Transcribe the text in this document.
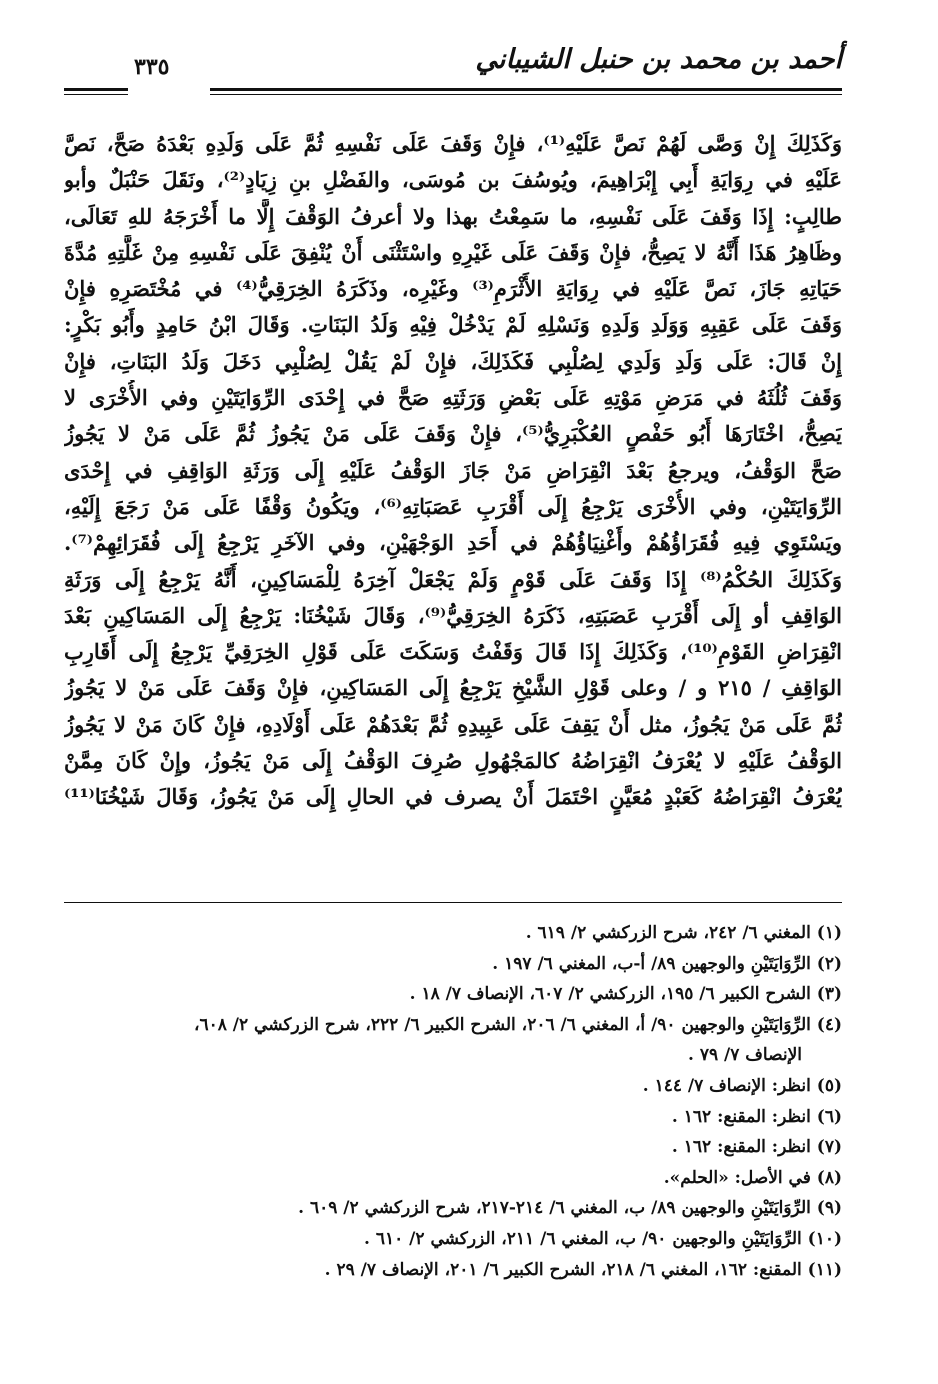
أحمد بن محمد بن حنبل الشيباني
٣٣٥
وَكَذَلِكَ إِنْ وَصَّى لَهُمْ نَصَّ عَلَيْهِ⁽¹⁾، فإِنْ وَقَفَ عَلَى نَفْسِهِ ثُمَّ عَلَى وَلَدِهِ بَعْدَهُ صَحَّ، نَصَّ
عَلَيْهِ في رِوَايَةِ أَبِي إِبْرَاهِيمَ، ويُوسُفَ بن مُوسَى، والفَضْلِ بنِ زِيَادٍ⁽²⁾، ونَقَلَ حَنْبَلٌ وأبو
طالِبٍ: إِذَا وَقَفَ عَلَى نَفْسِهِ، ما سَمِعْتُ بهذا ولا أعرفُ الوَقْفَ إِلَّا ما أَخْرَجَهُ للهِ تَعَالَى،
وظَاهِرُ هَذَا أَنَّهُ لا يَصِحُّ، فإِنْ وَقَفَ عَلَى غَيْرِهِ واسْتَثْنَى أَنْ يُنْفِقَ عَلَى نَفْسِهِ مِنْ غَلَّتِهِ مُدَّةَ
حَيَاتِهِ جَازَ، نَصَّ عَلَيْهِ في رِوَايَةِ الأَثْرَمِ⁽³⁾ وغَيْرِه، وذَكَرَهُ الخِرَقِيُّ⁽⁴⁾ في مُخْتَصَرِهِ فإِنْ
وَقَفَ عَلَى عَقِبِهِ وَوَلَدِ وَلَدِهِ وَنَسْلِهِ لَمْ يَدْخُلْ فِيْهِ وَلَدُ البَنَاتِ. وَقَالَ ابْنُ حَامِدٍ وأَبُو بَكْرٍ:
إِنْ قَالَ: عَلَى وَلَدِ وَلَدِي لِصُلْبِي فَكَذَلِكَ، فإِنْ لَمْ يَقُلْ لِصُلْبِي دَخَلَ وَلَدُ البَنَاتِ، فإِنْ
وَقَفَ ثُلُثَهُ في مَرَضِ مَوْتِهِ عَلَى بَعْضِ وَرَثَتِهِ صَحَّ في إِحْدَى الرِّوَايَتَيْنِ وفي الأُخْرَى لا
يَصِحُّ، اخْتَارَهَا أَبُو حَفْصٍ العُكْبَرِيُّ⁽⁵⁾، فإِنْ وَقَفَ عَلَى مَنْ يَجُوزُ ثُمَّ عَلَى مَنْ لا يَجُوزُ
صَحَّ الوَقْفُ، ويرجعُ بَعْدَ انْقِرَاضِ مَنْ جَازَ الوَقْفُ عَلَيْهِ إِلَى وَرَثَةِ الوَاقِفِ في إِحْدَى
الرِّوَايَتَيْنِ، وفي الأُخْرَى يَرْجِعُ إِلَى أَقْرَبِ عَصَبَاتِهِ⁽⁶⁾، ويَكُونُ وَقْفًا عَلَى مَنْ رَجَعَ إِلَيْهِ،
ويَسْتَوِي فِيهِ فُقَرَاؤُهُمْ وأَغْنِيَاؤُهُمْ في أَحَدِ الوَجْهَيْنِ، وفي الآخَرِ يَرْجِعُ إِلَى فُقَرَائِهِمْ⁽⁷⁾.
وَكَذَلِكَ الحُكْمُ⁽⁸⁾ إِذَا وَقَفَ عَلَى قَوْمٍ وَلَمْ يَجْعَلْ آخِرَهُ لِلْمَسَاكِينِ، أَنَّهُ يَرْجِعُ إِلَى وَرَثَةِ
الوَاقِفِ أو إِلَى أَقْرَبِ عَصَبَتِهِ، ذَكَرَهُ الخِرَقِيُّ⁽⁹⁾، وَقَالَ شَيْخُنَا: يَرْجِعُ إِلَى المَسَاكِينِ بَعْدَ
انْقِرَاضِ القَوْمِ⁽¹⁰⁾، وَكَذَلِكَ إِذَا قَالَ وَقَفْتُ وَسَكَتَ عَلَى قَوْلِ الخِرَقِيِّ يَرْجِعُ إِلَى أَقَارِبِ
الوَاقِفِ / ٢١٥ و / وعلى قَوْلِ الشَّيْخِ يَرْجِعُ إِلَى المَسَاكِينِ، فإِنْ وَقَفَ عَلَى مَنْ لا يَجُوزُ
ثُمَّ عَلَى مَنْ يَجُوزُ، مثل أَنْ يَقِفَ عَلَى عَبِيدِهِ ثُمَّ بَعْدَهُمْ عَلَى أَوْلَادِهِ، فإِنْ كَانَ مَنْ لا يَجُوزُ
الوَقْفُ عَلَيْهِ لا يُعْرَفُ انْقِرَاضُهُ كالمَجْهُولِ صُرِفَ الوَقْفُ إِلَى مَنْ يَجُوزُ، وإِنْ كَانَ مِمَّنْ
يُعْرَفُ انْقِرَاضُهُ كَعَبْدٍ مُعَيَّنٍ احْتَمَلَ أَنْ يصرف في الحالِ إِلَى مَنْ يَجُوزُ، وَقَالَ شَيْخُنَا⁽¹¹⁾
(١) المغني ٦/ ٢٤٢، شرح الزركشي ٢/ ٦١٩ .
(٢) الرِّوَايَتَيْنِ والوجهين ٨٩/ أ-ب، المغني ٦/ ١٩٧ .
(٣) الشرح الكبير ٦/ ١٩٥، الزركشي ٢/ ٦٠٧، الإنصاف ٧/ ١٨ .
(٤) الرِّوَايَتَيْنِ والوجهين ٩٠/ أ، المغني ٦/ ٢٠٦، الشرح الكبير ٦/ ٢٢٢، شرح الزركشي ٢/ ٦٠٨،
الإنصاف ٧/ ٧٩ .
(٥) انظر: الإنصاف ٧/ ١٤٤ .
(٦) انظر: المقنع: ١٦٢ .
(٧) انظر: المقنع: ١٦٢ .
(٨) في الأصل: «الحلم».
(٩) الرِّوَايَتَيْنِ والوجهين ٨٩/ ب، المغني ٦/ ٢١٤-٢١٧، شرح الزركشي ٢/ ٦٠٩ .
(١٠) الرِّوَايَتَيْنِ والوجهين ٩٠/ ب، المغني ٦/ ٢١١، الزركشي ٢/ ٦١٠ .
(١١) المقنع: ١٦٢، المغني ٦/ ٢١٨، الشرح الكبير ٦/ ٢٠١، الإنصاف ٧/ ٢٩ .
